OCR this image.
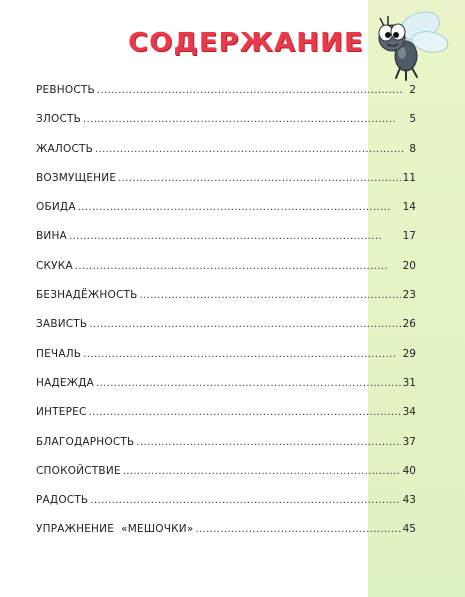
СОДЕРЖАНИЕ
РЕВНОСТЬ . . .	2
ЗЛОСТЬ . . .	5
ЖАЛОСТЬ . . .	8
ВОЗМУЩЕНИЕ . . .	11
ОБИДА . . .	14
ВИНА . . .	17
СКУКА . . .	20
БЕЗНАДЁЖНОСТЬ . . .	23
ЗАВИСТЬ . . .	26
ПЕЧАЛЬ . . .	29
НАДЕЖДА . . .	31
ИНТЕРЕС . . .	34
БЛАГОДАРНОСТЬ . . .	37
СПОКОЙСТВИЕ . . .	40
РАДОСТЬ . . .	43
УПРАЖНЕНИЕ  «МЕШОЧКИ» . . .	45
